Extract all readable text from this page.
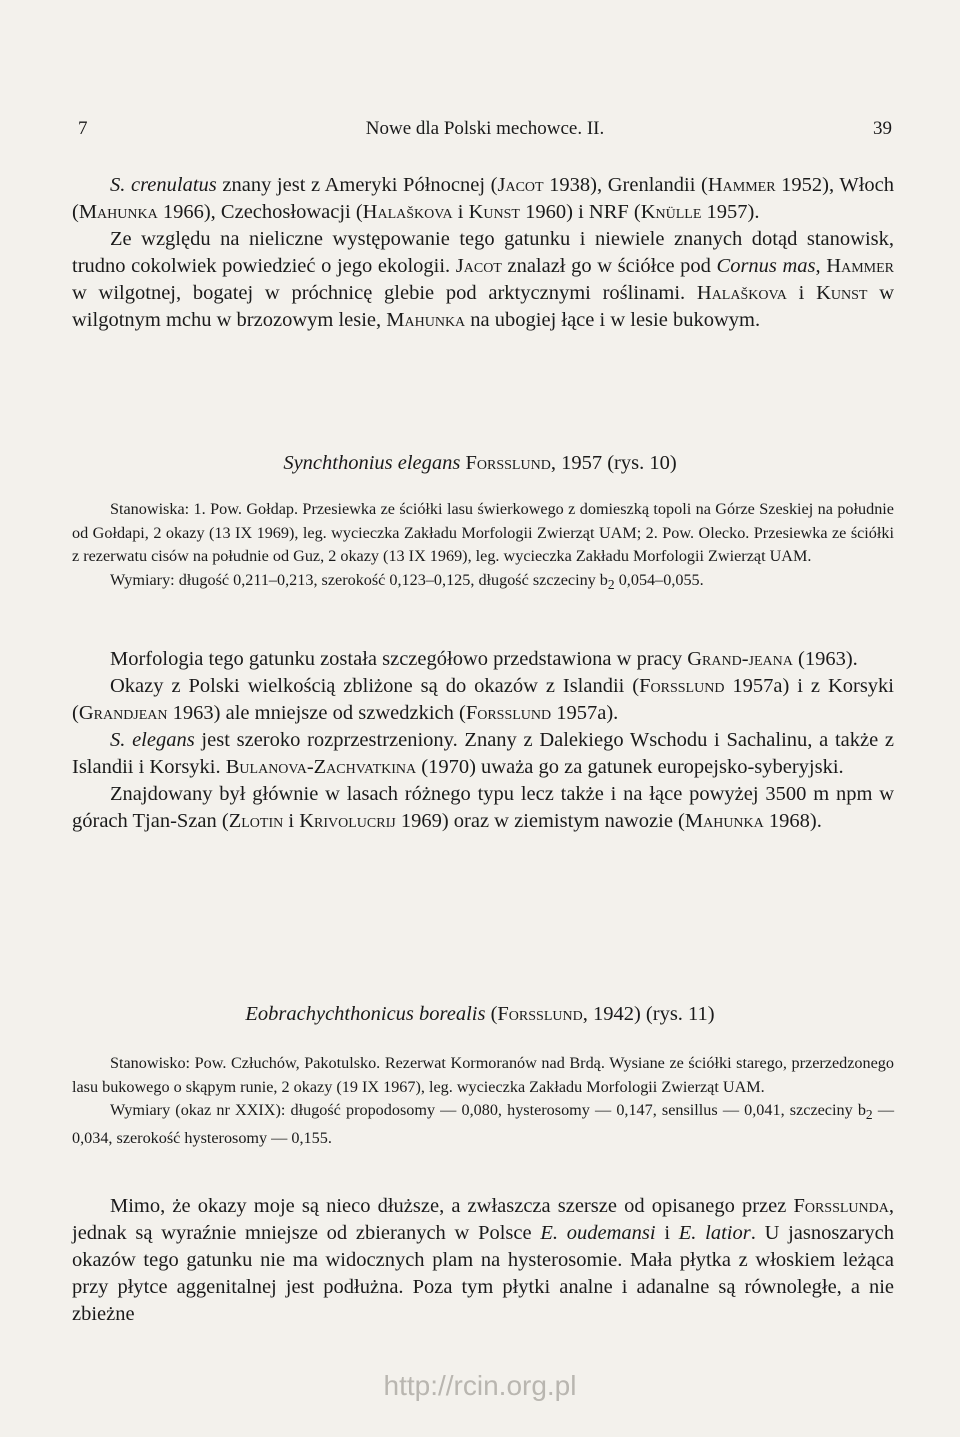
7	Nowe dla Polski mechowce. II.	39

S. crenulatus znany jest z Ameryki Północnej (Jacot 1938), Grenlandii (Hammer 1952), Włoch (Mahunka 1966), Czechosłowacji (Halaškova i Kunst 1960) i NRF (Knülle 1957).

Ze względu na nieliczne występowanie tego gatunku i niewiele znanych dotąd stanowisk, trudno cokolwiek powiedzieć o jego ekologii. Jacot znalazł go w ściółce pod Cornus mas, Hammer w wilgotnej, bogatej w próchnicę glebie pod arktycznymi roślinami. Halaškova i Kunst w wilgotnym mchu w brzozowym lesie, Mahunka na ubogiej łące i w lesie bukowym.

Synchthonius elegans Forsslund, 1957 (rys. 10)

Stanowiska: 1. Pow. Gołdap. Przesiewka ze ściółki lasu świerkowego z domieszką topoli na Górze Szeskiej na południe od Gołdapi, 2 okazy (13 IX 1969), leg. wycieczka Zakładu Morfologii Zwierząt UAM; 2. Pow. Olecko. Przesiewka ze ściółki z rezerwatu cisów na południe od Guz, 2 okazy (13 IX 1969), leg. wycieczka Zakładu Morfologii Zwierząt UAM.

Wymiary: długość 0,211–0,213, szerokość 0,123–0,125, długość szczeciny $b_2$ 0,054–0,055.

Morfologia tego gatunku została szczegółowo przedstawiona w pracy Grand-jeana (1963).

Okazy z Polski wielkością zbliżone są do okazów z Islandii (Forsslund 1957a) i z Korsyki (Grandjean 1963) ale mniejsze od szwedzkich (Forsslund 1957a).

S. elegans jest szeroko rozprzestrzeniony. Znany z Dalekiego Wschodu i Sachalinu, a także z Islandii i Korsyki. Bulanova-Zachvatkina (1970) uważa go za gatunek europejsko-syberyjski.

Znajdowany był głównie w lasach różnego typu lecz także i na łące powyżej 3500 m npm w górach Tjan-Szan (Zlotin i Krivolucrij 1969) oraz w ziemistym nawozie (Mahunka 1968).

Eobrachychthonicus borealis (Forsslund, 1942) (rys. 11)

Stanowisko: Pow. Człuchów, Pakotulsko. Rezerwat Kormoranów nad Brdą. Wysiane ze ściółki starego, przerzedzonego lasu bukowego o skąpym runie, 2 okazy (19 IX 1967), leg. wycieczka Zakładu Morfologii Zwierząt UAM.

Wymiary (okaz nr XXIX): długość propodosomy — 0,080, hysterosomy — 0,147, sensillus — 0,041, szczeciny $b_2$ — 0,034, szerokość hysterosomy — 0,155.

Mimo, że okazy moje są nieco dłuższe, a zwłaszcza szersze od opisanego przez Forsslunda, jednak są wyraźnie mniejsze od zbieranych w Polsce E. oudemansi i E. latior. U jasnoszarych okazów tego gatunku nie ma widocznych plam na hysterosomie. Mała płytka z włoskiem leżąca przy płytce aggenitalnej jest podłużna. Poza tym płytki analne i adanalne są równoległe, a nie zbieżne

http://rcin.org.pl
